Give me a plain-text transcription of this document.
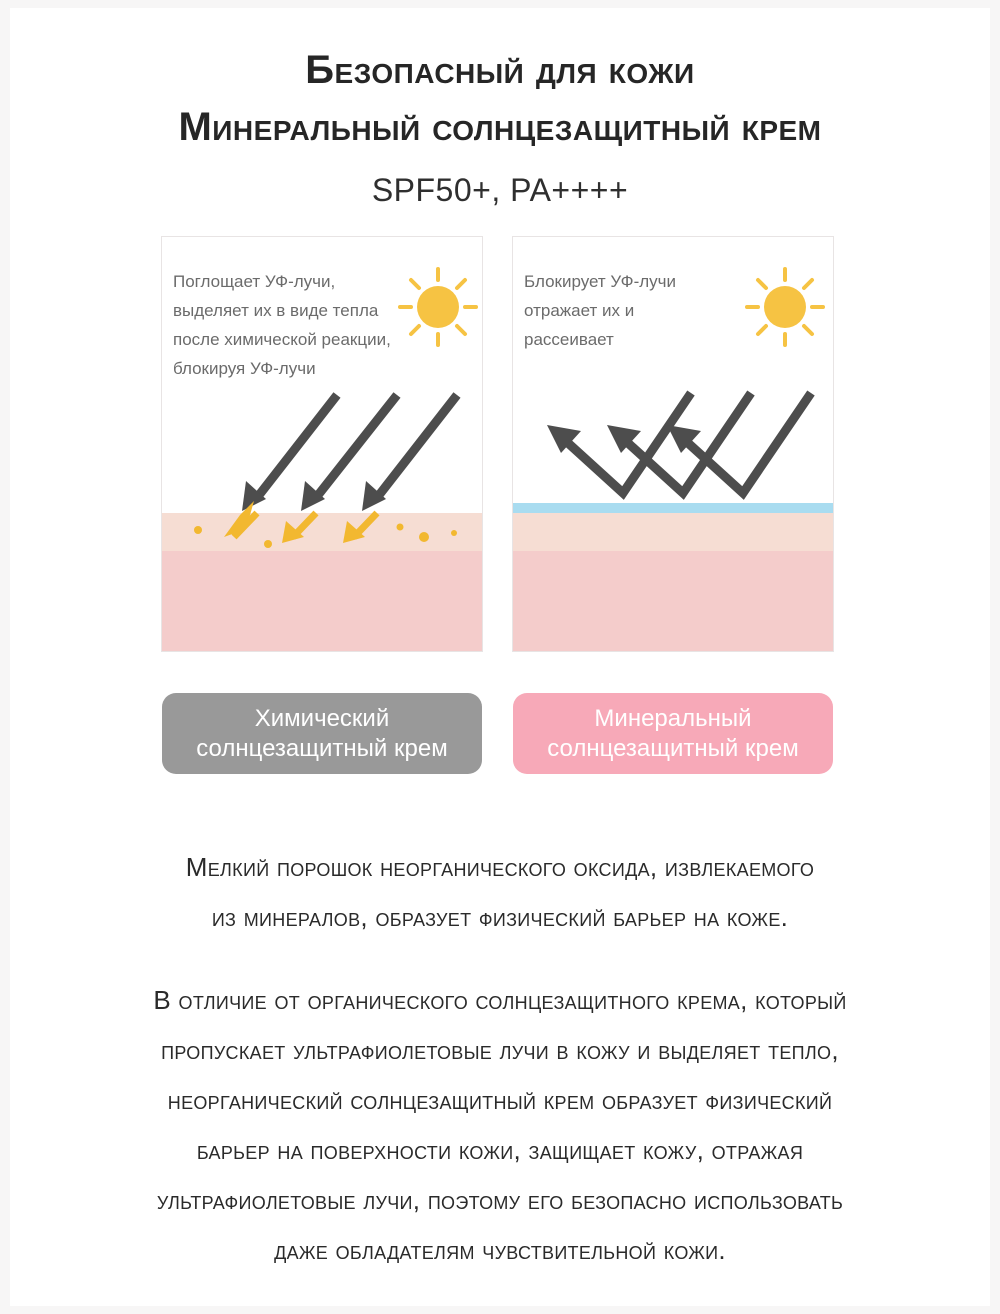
Безопасный для кожи
Минеральный солнцезащитный крем
SPF50+, PA++++
Поглощает УФ-лучи,
выделяет их в виде тепла
после химической реакции,
блокируя УФ-лучи
Блокирует УФ-лучи
отражает их и
рассеивает
Химический
солнцезащитный крем
Минеральный
солнцезащитный крем
Мелкий порошок неорганического оксида, извлекаемого
из минералов, образует физический барьер на коже.
В отличие от органического солнцезащитного крема, который
пропускает ультрафиолетовые лучи в кожу и выделяет тепло,
неорганический солнцезащитный крем образует физический
барьер на поверхности кожи, защищает кожу, отражая
ультрафиолетовые лучи, поэтому его безопасно использовать
даже обладателям чувствительной кожи.
